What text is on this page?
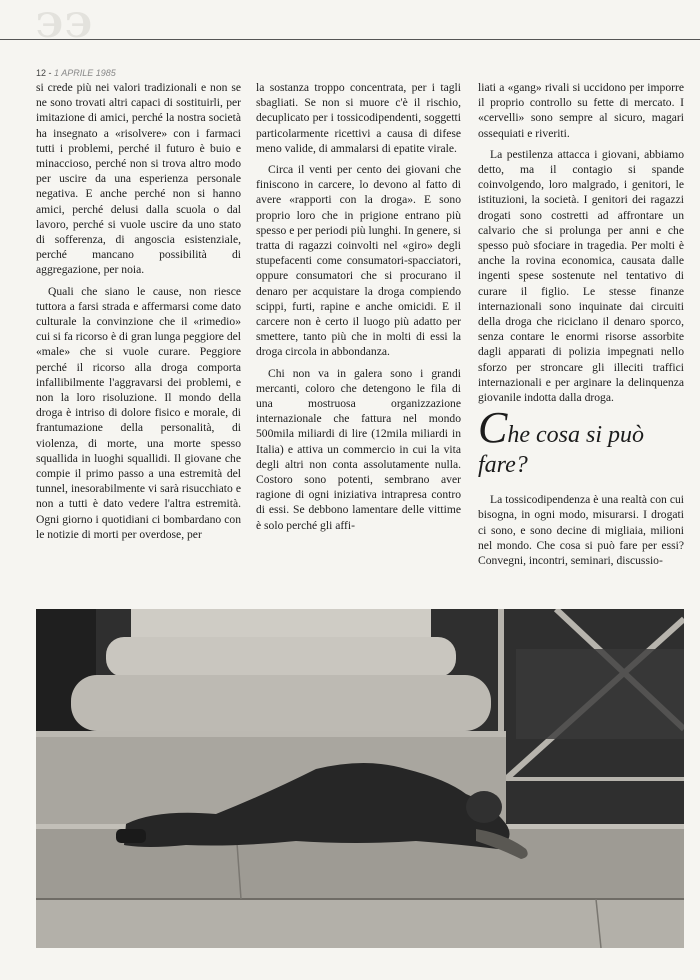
ЭЭ
12 - 1 APRILE 1985

si crede più nei valori tradizionali e non se ne sono trovati altri capaci di sostituirli, per imitazione di amici, perché la nostra società ha insegnato a «risolvere» con i farmaci tutti i problemi, perché il futuro è buio e minaccioso, perché non si trova altro modo per uscire da una esperienza personale negativa. E anche perché non si hanno amici, perché delusi dalla scuola o dal lavoro, perché si vuole uscire da uno stato di sofferenza, di angoscia esistenziale, perché mancano possibilità di aggregazione, per noia.

Quali che siano le cause, non riesce tuttora a farsi strada e affermarsi come dato culturale la convinzione che il «rimedio» cui si fa ricorso è di gran lunga peggiore del «male» che si vuole curare. Peggiore perché il ricorso alla droga comporta infallibilmente l'aggravarsi dei problemi, e non la loro risoluzione. Il mondo della droga è intriso di dolore fisico e morale, di frantumazione della personalità, di violenza, di morte, una morte spesso squallida in luoghi squallidi. Il giovane che compie il primo passo a una estremità del tunnel, inesorabilmente vi sarà risucchiato e non a tutti è dato vedere l'altra estremità. Ogni giorno i quotidiani ci bombardano con le notizie di morti per overdose, per

la sostanza troppo concentrata, per i tagli sbagliati. Se non si muore c'è il rischio, decuplicato per i tossicodipendenti, soggetti particolarmente ricettivi a causa di difese meno valide, di ammalarsi di epatite virale.

Circa il venti per cento dei giovani che finiscono in carcere, lo devono al fatto di avere «rapporti con la droga». E sono proprio loro che in prigione entrano più spesso e per periodi più lunghi. In genere, si tratta di ragazzi coinvolti nel «giro» degli stupefacenti come consumatori-spacciatori, oppure consumatori che si procurano il denaro per acquistare la droga compiendo scippi, furti, rapine e anche omicidi. E il carcere non è certo il luogo più adatto per smettere, tanto più che in molti di essi la droga circola in abbondanza.

Chi non va in galera sono i grandi mercanti, coloro che detengono le fila di una mostruosa organizzazione internazionale che fattura nel mondo 500mila miliardi di lire (12mila miliardi in Italia) e attiva un commercio in cui la vita degli altri non conta assolutamente nulla. Costoro sono potenti, sembrano aver ragione di ogni iniziativa intrapresa contro di essi. Se debbono lamentare delle vittime è solo perché gli affi-

liati a «gang» rivali si uccidono per imporre il proprio controllo su fette di mercato. I «cervelli» sono sempre al sicuro, magari ossequiati e riveriti.

La pestilenza attacca i giovani, abbiamo detto, ma il contagio si spande coinvolgendo, loro malgrado, i genitori, le istituzioni, la società. I genitori dei ragazzi drogati sono costretti ad affrontare un calvario che si prolunga per anni e che spesso può sfociare in tragedia. Per molti è anche la rovina economica, causata dalle ingenti spese sostenute nel tentativo di curare il figlio. Le stesse finanze internazionali sono inquinate dai circuiti della droga che riciclano il denaro sporco, senza contare le enormi risorse assorbite dagli apparati di polizia impegnati nello sforzo per stroncare gli illeciti traffici internazionali e per arginare la delinquenza giovanile indotta dalla droga.

Che cosa si può fare?

La tossicodipendenza è una realtà con cui bisogna, in ogni modo, misurarsi. I drogati ci sono, e sono decine di migliaia, milioni nel mondo. Che cosa si può fare per essi? Convegni, incontri, seminari, discussio-
